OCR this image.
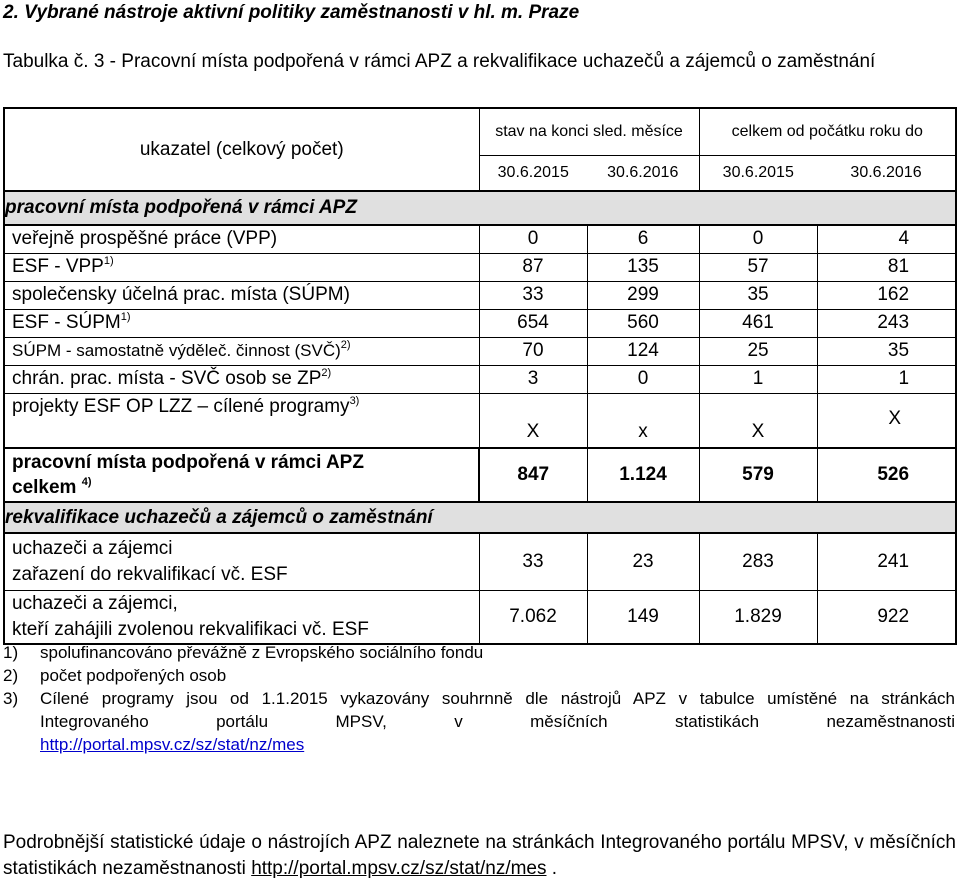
2. Vybrané nástroje aktivní politiky zaměstnanosti v hl. m. Praze
Tabulka č. 3 - Pracovní místa podpořená v rámci APZ a rekvalifikace uchazečů a zájemců o zaměstnání
ukazatel (celkový počet)	stav na konci sled. měsíce		celkem od počátku roku do	
	30.6.2015	30.6.2016	30.6.2015	30.6.2016
pracovní místa podpořená v rámci APZ				
veřejně prospěšné práce (VPP)	0	6	0	4
ESF - VPP$^{1)}$	87	135	57	81
společensky účelná prac. místa (SÚPM)	33	299	35	162
ESF - SÚPM$^{1)}$	654	560	461	243
SÚPM - samostatně výděleč. činnost (SVČ)$^{2)}$	70	124	25	35
chrán. prac. místa - SVČ osob se ZP$^{2)}$	3	0	1	1
projekty ESF OP LZZ – cílené programy$^{3)}$	X	x	X	X

pracovní místa podpořená v rámci APZ
celkem $^{4)}$	847	1.124	579	526
rekvalifikace uchazečů a zájemců o zaměstnání				

uchazeči a zájemci
zařazení do rekvalifikací vč. ESF	33	23	283	241

uchazeči a zájemci,
kteří zahájili zvolenou rekvalifikaci vč. ESF	7.062	149	1.829	922
1)	spolufinancováno převážně z Evropského sociálního fondu
2)	počet podpořených osob
3)	Cílené programy jsou od 1.1.2015 vykazovány souhrnně dle nástrojů APZ v tabulce umístěné na stránkách Integrovaného portálu MPSV, v měsíčních statistikách nezaměstnanosti
http://portal.mpsv.cz/sz/stat/nz/mes
Podrobnější statistické údaje o nástrojích APZ naleznete na stránkách Integrovaného portálu MPSV, v měsíčních statistikách nezaměstnanosti http://portal.mpsv.cz/sz/stat/nz/mes .
